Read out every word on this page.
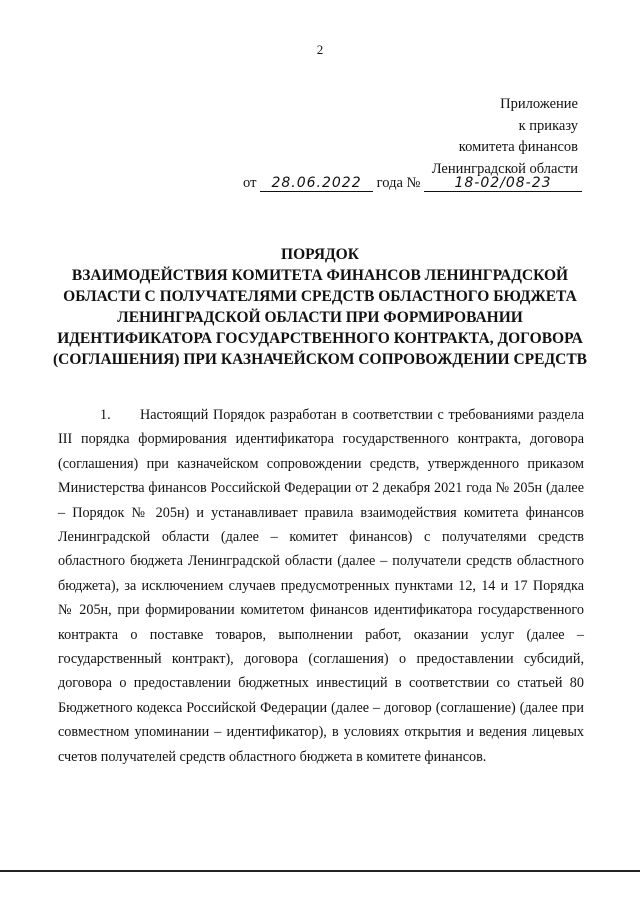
2
Приложение
к приказу
комитета финансов
Ленинградской области
от 28.06.2022 года № 18-02/08-23
ПОРЯДОК
ВЗАИМОДЕЙСТВИЯ КОМИТЕТА ФИНАНСОВ ЛЕНИНГРАДСКОЙ ОБЛАСТИ С ПОЛУЧАТЕЛЯМИ СРЕДСТВ ОБЛАСТНОГО БЮДЖЕТА ЛЕНИНГРАДСКОЙ ОБЛАСТИ ПРИ ФОРМИРОВАНИИ ИДЕНТИФИКАТОРА ГОСУДАРСТВЕННОГО КОНТРАКТА, ДОГОВОРА (СОГЛАШЕНИЯ) ПРИ КАЗНАЧЕЙСКОМ СОПРОВОЖДЕНИИ СРЕДСТВ
1. Настоящий Порядок разработан в соответствии с требованиями раздела III порядка формирования идентификатора государственного контракта, договора (соглашения) при казначейском сопровождении средств, утвержденного приказом Министерства финансов Российской Федерации от 2 декабря 2021 года № 205н (далее – Порядок № 205н) и устанавливает правила взаимодействия комитета финансов Ленинградской области (далее – комитет финансов) с получателями средств областного бюджета Ленинградской области (далее – получатели средств областного бюджета), за исключением случаев предусмотренных пунктами 12, 14 и 17 Порядка № 205н, при формировании комитетом финансов идентификатора государственного контракта о поставке товаров, выполнении работ, оказании услуг (далее – государственный контракт), договора (соглашения) о предоставлении субсидий, договора о предоставлении бюджетных инвестиций в соответствии со статьей 80 Бюджетного кодекса Российской Федерации (далее – договор (соглашение) (далее при совместном упоминании – идентификатор), в условиях открытия и ведения лицевых счетов получателей средств областного бюджета в комитете финансов.
